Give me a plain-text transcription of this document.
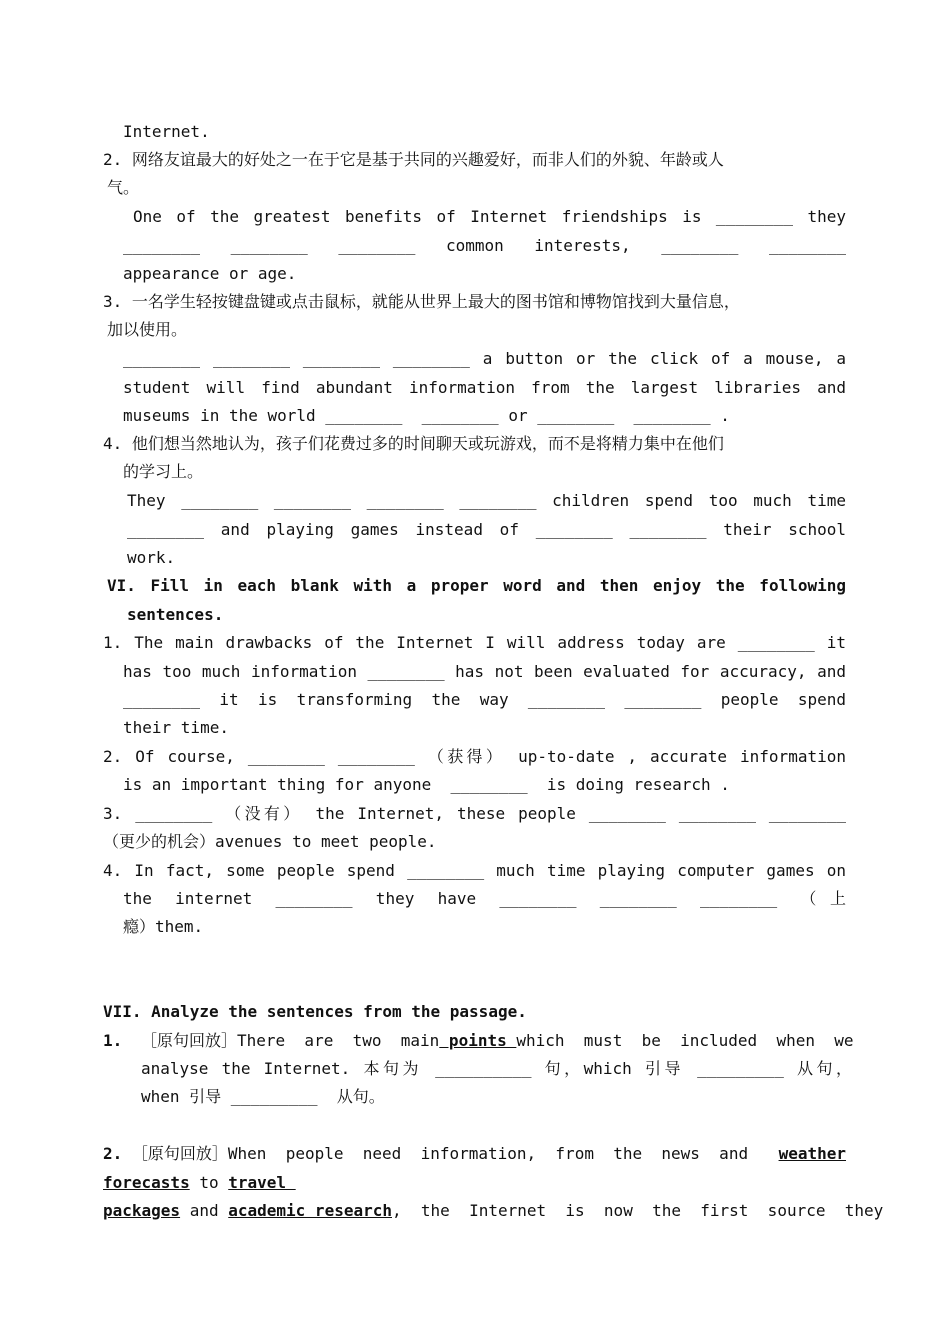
Internet.
2. 网络友谊最大的好处之一在于它是基于共同的兴趣爱好，而非人们的外貌、年龄或人
气。
One of the greatest benefits of Internet friendships is ________ they
________ ________ ________ common interests, ________ ________
appearance or age.
3. 一名学生轻按键盘键或点击鼠标，就能从世界上最大的图书馆和博物馆找到大量信息，
加以使用。
________ ________ ________ ________ a button or the click of a mouse, a
student will find abundant information from the largest libraries and
museums in the world ________  ________ or ________  ________ .
4. 他们想当然地认为，孩子们花费过多的时间聊天或玩游戏，而不是将精力集中在他们
的学习上。
They ________ ________ ________ ________ children spend too much time
________ and playing games instead of ________ ________ their school
work.
VI. Fill in each blank with a proper word and then enjoy the following
sentences.
1. The main drawbacks of the Internet I will address today are ________ it
has too much information ________ has not been evaluated for accuracy, and
________ it is transforming the way ________ ________ people spend
their time.
2. Of course, ________ ________ （获得） up-to-date , accurate information
is an important thing for anyone  ________  is doing research .
3. ________ （没有） the Internet, these people ________ ________ ________
（更少的机会）avenues to meet people.
4. In fact, some people spend ________ much time playing computer games on
the internet ________ they have ________ ________ ________ （上
瘾）them.
VII. Analyze the sentences from the passage.
1. ［原句回放］There  are  two  main points which  must  be  included  when  we
analyse the Internet. 本句为 __________ 句，which 引导 _________ 从句，
when 引导 _________  从句。
2. ［原句回放］When  people  need  information,  from  the  news  and weather
forecasts to travel
packages and academic research ,  the  Internet  is  now  the  first  source  they
